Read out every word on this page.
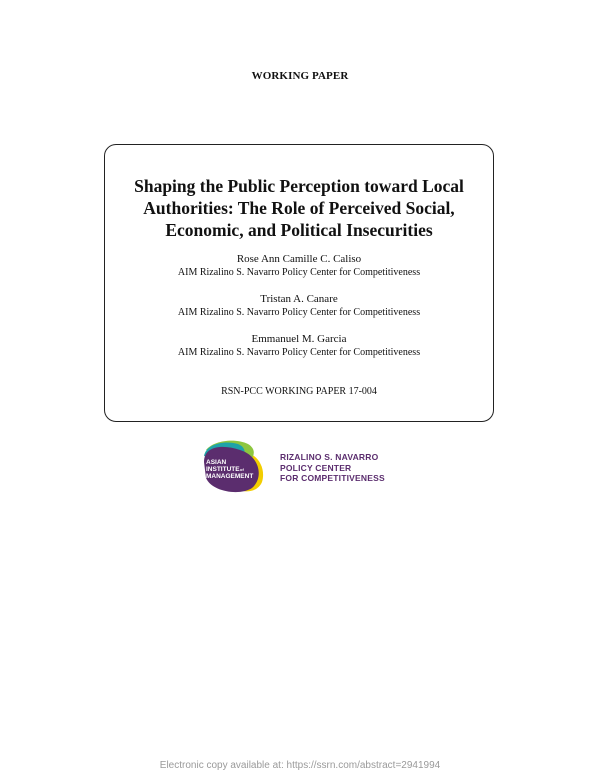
WORKING PAPER
Shaping the Public Perception toward Local
Authorities: The Role of Perceived Social,
Economic, and Political Insecurities
Rose Ann Camille C. Caliso
AIM Rizalino S. Navarro Policy Center for Competitiveness
Tristan A. Canare
AIM Rizalino S. Navarro Policy Center for Competitiveness
Emmanuel M. Garcia
AIM Rizalino S. Navarro Policy Center for Competitiveness
RSN-PCC WORKING PAPER 17-004
ASIAN
INSTITUTE of
MANAGEMENT
RIZALINO S. NAVARRO
POLICY CENTER
FOR COMPETITIVENESS
Electronic copy available at: https://ssrn.com/abstract=2941994
